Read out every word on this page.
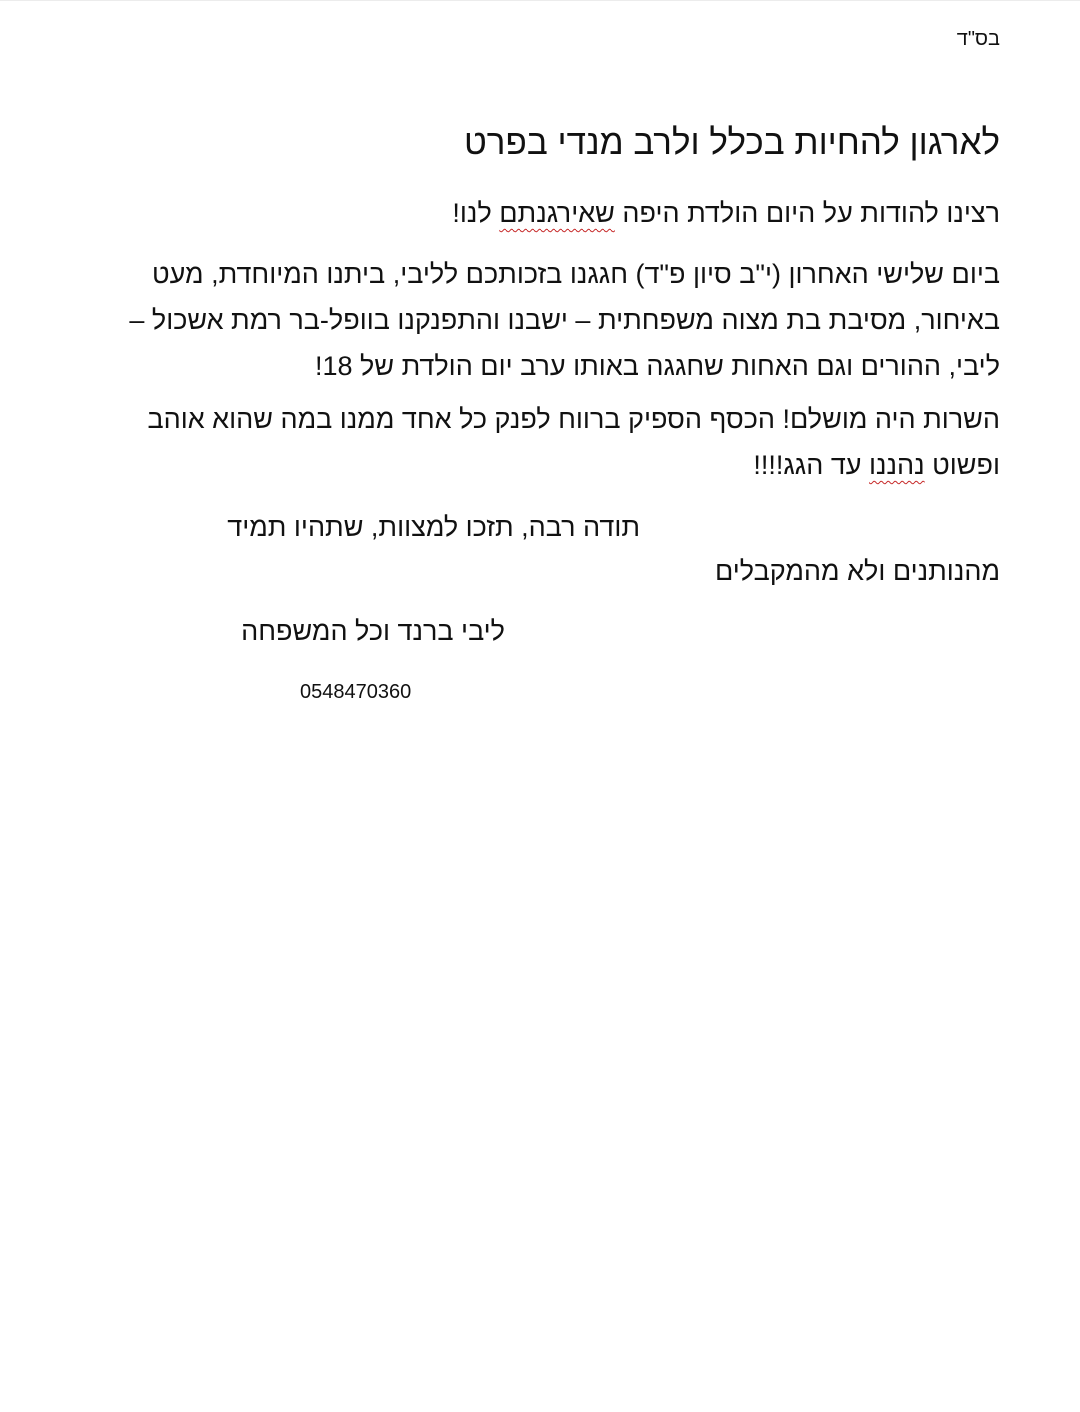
בס"ד
לארגון להחיות בכלל ולרב מנדי בפרט

רצינו להודות על היום הולדת היפה שאירגנתם לנו!

ביום שלישי האחרון (י"ב סיון פ"ד) חגגנו בזכותכם לליבי, ביתנו המיוחדת, מעט באיחור, מסיבת בת מצוה משפחתית – ישבנו והתפנקנו בוופל-בר רמת אשכול – ליבי, ההורים וגם האחות שחגגה באותו ערב יום הולדת של 18!

השרות היה מושלם! הכסף הספיק ברווח לפנק כל אחד ממנו במה שהוא אוהב ופשוט נהננו עד הגג!!!!

תודה רבה, תזכו למצוות, שתהיו תמיד

מהנותנים ולא מהמקבלים

ליבי ברנד וכל המשפחה

0548470360
